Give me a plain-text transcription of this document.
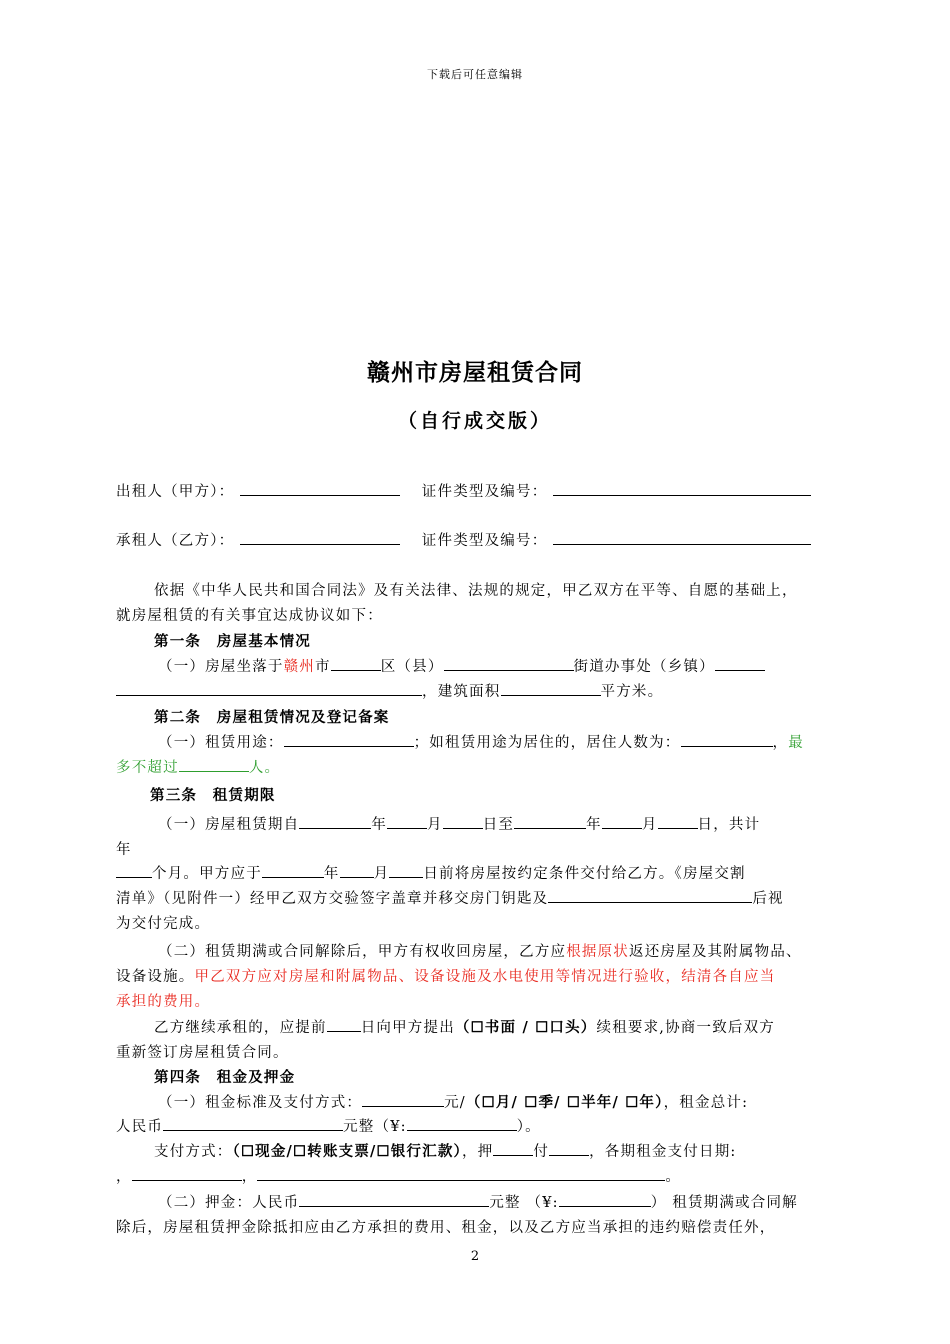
下载后可任意编辑
赣州市房屋租赁合同
（自行成交版）
出租人（甲方）：	证件类型及编号：
承租人（乙方）：	证件类型及编号：
依据《中华人民共和国合同法》及有关法律、法规的规定，甲乙双方在平等、自愿的基础上，
就房屋租赁的有关事宜达成协议如下：
第一条　房屋基本情况
（一）房屋坐落于赣州市	区（县）	街道办事处（乡镇）
，建筑面积	平方米。
第二条　房屋租赁情况及登记备案
（一）租赁用途：	；如租赁用途为居住的，居住人数为：	，最
多不超过	人。
第三条　租赁期限
（一）房屋租赁期自	年	月	日至	年	月	日，共计
年
个月。甲方应于	年 月 日前将房屋按约定条件交付给乙方。《房屋交割
清单》（见附件一）经甲乙双方交验签字盖章并移交房门钥匙及	后视
为交付完成。
（二）租赁期满或合同解除后，甲方有权收回房屋，乙方应根据原状返还房屋及其附属物品、
设备设施。甲乙双方应对房屋和附属物品、设备设施及水电使用等情况进行验收，结清各自应当
承担的费用。
乙方继续承租的，应提前 日向甲方提出（☐书面 / ☐口头）续租要求,协商一致后双方
重新签订房屋租赁合同。
第四条　租金及押金
（一）租金标准及支付方式：	元/（☐月/ ☐季/ ☐半年/ ☐年），租金总计:
人民币	元整（¥:	）。
支付方式：（☐现金/☐转账支票/☐银行汇款），押	付	，各期租金支付日期:
，	，	。
（二）押金：人民币	元整 （¥:	） 租赁期满或合同解
除后，房屋租赁押金除抵扣应由乙方承担的费用、租金，以及乙方应当承担的违约赔偿责任外，
2
